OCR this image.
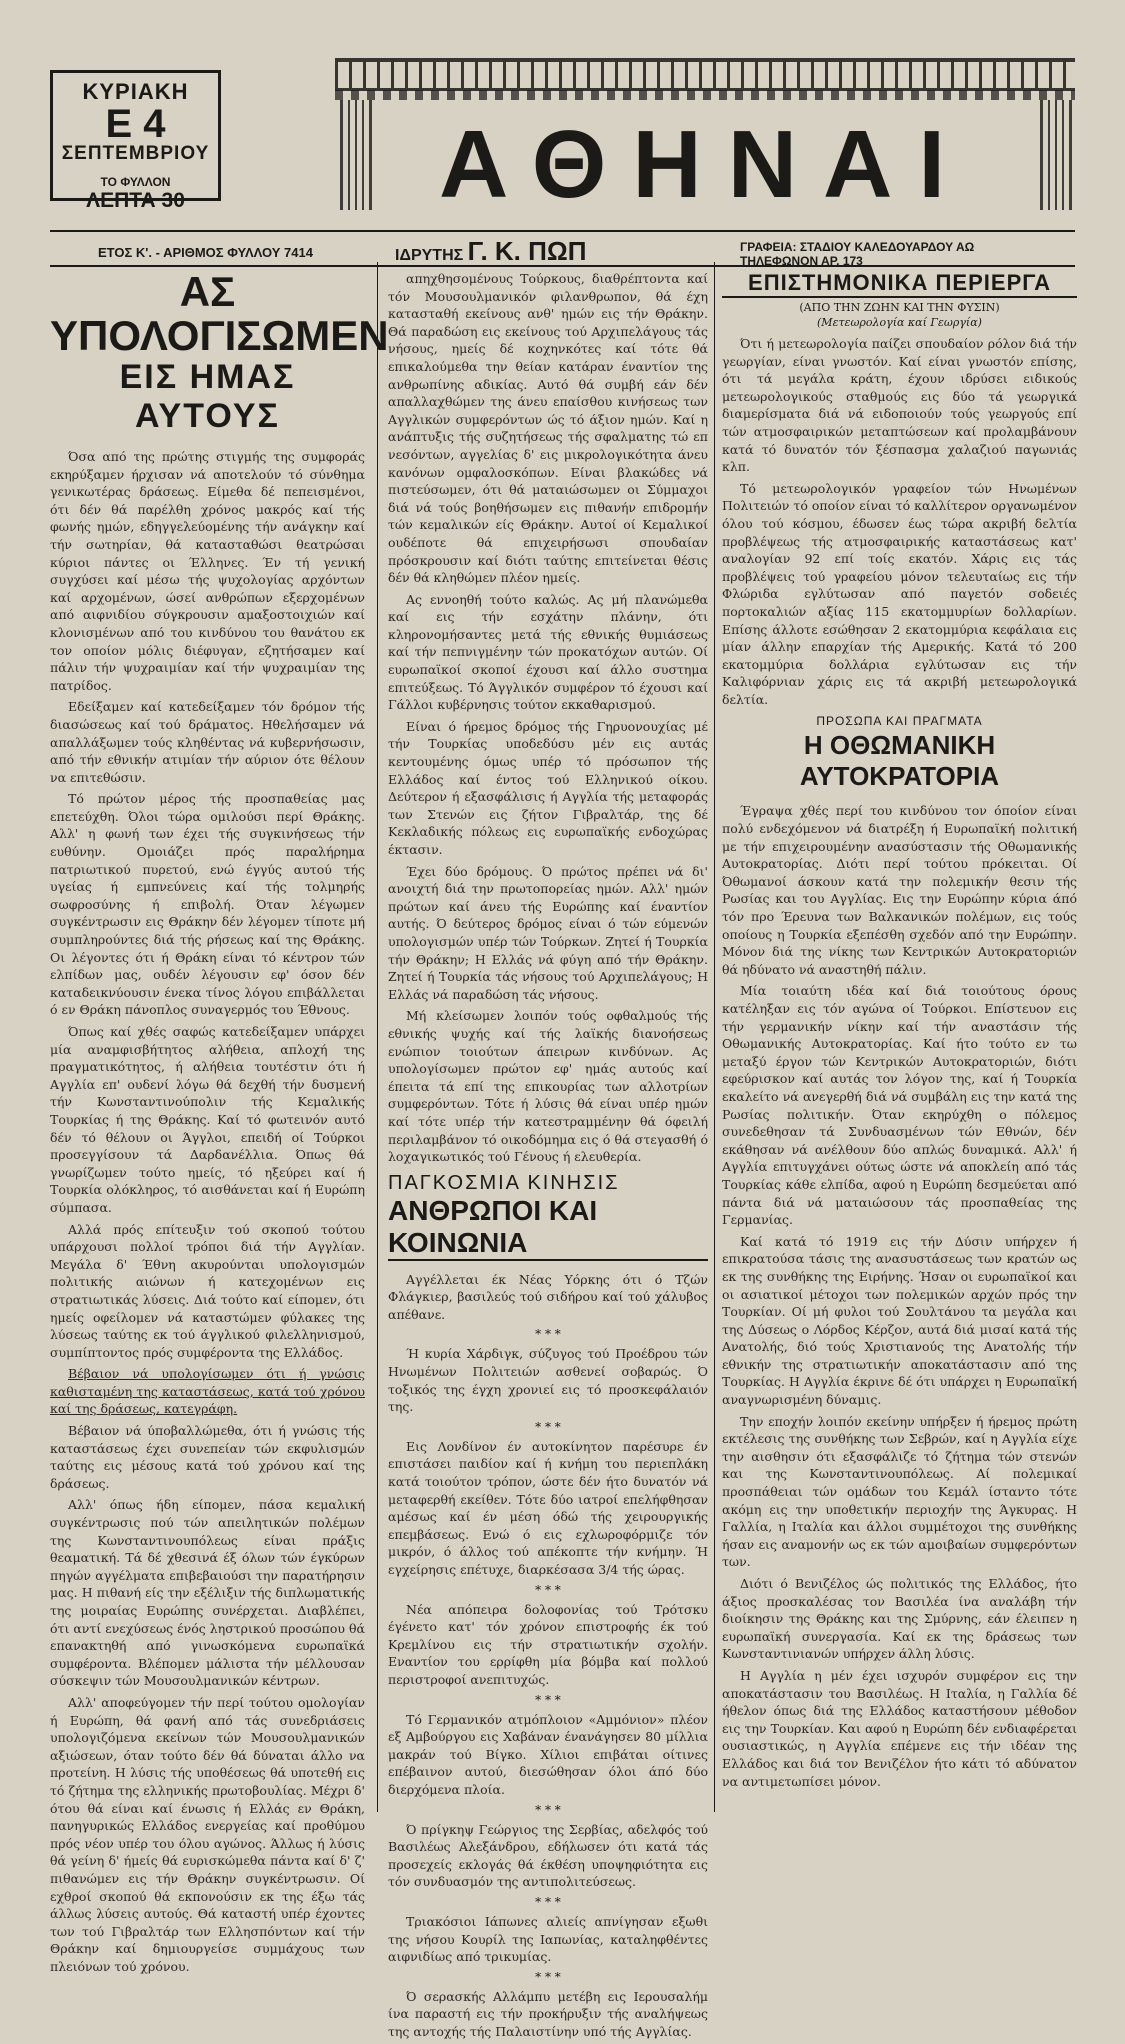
ΚΥΡΙΑΚΗ
Ε 4
ΣΕΠΤΕΜΒΡΙΟΥ
ΤΟ ΦΥΛΛΟΝ
ΛΕΠΤΑ 30	ΑΘΗΝΑΙ
ΕΤΟΣ Κ'. - ΑΡΙΘΜΟΣ ΦΥΛΛΟΥ 7414	ΙΔΡΥΤΗΣ Γ. Κ. ΠΩΠ	ΓΡΑΦΕΙΑ: ΣΤΑΔΙΟΥ ΚΑΛΕΔΟΥΑΡΔΟΥ ΑΩ
ΤΗΛΕΦΩΝΟΝ ΑΡ. 173
ΑΣ ΥΠΟΛΟΓΙΣΩΜΕΝ
ΕΙΣ ΗΜΑΣ ΑΥΤΟΥΣ

Όσα από της πρώτης στιγμής της συμφοράς εκηρύξαμεν ήρχισαν νά αποτελούν τό σύνθημα γενικωτέρας δράσεως. Είμεθα δέ πεπεισμένοι, ότι δέν θά παρέλθη χρόνος μακρός καί τής φωνής ημών, εδηγγελεύομένης τήν ανάγκην καί τήν σωτηρίαν, θά κατασταθώσι θεατρώσαι κύριοι πάντες οι Έλληνες. Έν τή γενική συγχύσει καί μέσω τής ψυχολογίας αρχόντων καί αρχομένων, ώσεί ανθρώπων εξερχομένων από αιφνιδίου σύγκρουσιν αμαξοστοιχιών καί κλονισμένων από του κινδύνου του θανάτου εκ τον οποίον μόλις διέφυγαν, εζητήσαμεν καί πάλιν τήν ψυχραιμίαν καί τήν ψυχραιμίαν της πατρίδος.

Εδείξαμεν καί κατεδείξαμεν τόν δρόμον τής διασώσεως καί τού δράματος. Ηθελήσαμεν νά απαλλάξωμεν τούς κληθέντας νά κυβερνήσωσιν, από τήν εθνικήν ατιμίαν τήν αύριον ότε θέλουν να επιτεθώσιν.

Τό πρώτον μέρος τής προσπαθείας μας επετεύχθη. Όλοι τώρα ομιλούσι περί Θράκης. Αλλ' η φωνή των έχει τής συγκινήσεως τήν ευθύνην. Ομοιάζει πρός παραλήρημα πατριωτικού πυρετού, ενώ έγγύς αυτού τής υγείας ή εμπνεύνεις καί τής τολμηρής σωφροσύνης ή επιβολή. Όταν λέγωμεν συγκέντρωσιν εις Θράκην δέν λέγομεν τίποτε μή συμπληρούντες διά τής ρήσεως καί της Θράκης. Οι λέγοντες ότι ή Θράκη είναι τό κέντρον τών ελπίδων μας, ουδέν λέγουσιν εφ' όσον δέν καταδεικνύουσιν ένεκα τίνος λόγου επιβάλλεται ό εν Θράκη πάνοπλος συναγερμός του Έθνους.

Όπως καί χθές σαφώς κατεδείξαμεν υπάρχει μία αναμφισβήτητος αλήθεια, απλοχή της πραγματικότητος, ή αλήθεια τουτέστιν ότι ή Αγγλία επ' ουδενί λόγω θά δεχθή τήν δυσμενή τήν Κωνσταντινούπολιν τής Κεμαλικής Τουρκίας ή της Θράκης. Καί τό φωτεινόν αυτό δέν τό θέλουν οι Άγγλοι, επειδή οί Τούρκοι προσεγγίσουν τά Δαρδανέλλια. Όπως θά γνωρίζωμεν τούτο ημείς, τό ηξεύρει καί ή Τουρκία ολόκληρος, τό αισθάνεται καί ή Ευρώπη σύμπασα.

Αλλά πρός επίτευξιν τού σκοπού τούτου υπάρχουσι πολλοί τρόποι διά τήν Αγγλίαν. Μεγάλα δ' Έθνη ακυρούνται υπολογισμών πολιτικής αιώνων ή κατεχομένων εις στρατιωτικάς λύσεις. Διά τούτο καί είπομεν, ότι ημείς οφείλομεν νά καταστώμεν φύλακες της λύσεως ταύτης εκ τού άγγλικού φιλελληνισμού, συμπίπτοντος πρός συμφέροντα της Ελλάδος.

Βέβαιον νά υπολογίσωμεν ότι ή γνώσις καθισταμένη της καταστάσεως, κατά τού χρόνου καί της δράσεως, κατεγράφη.

Βέβαιον νά ύποβαλλώμεθα, ότι ή γνώσις τής καταστάσεως έχει συνεπείαν τών εκφυλισμών ταύτης εις μέσους κατά τού χρόνου καί της δράσεως.

Αλλ' όπως ήδη είπομεν, πάσα κεμαλική συγκέντρωσις πού τών απειλητικών πολέμων της Κωνσταντινουπόλεως είναι πράξις θεαματική. Τά δέ χθεσινά έξ όλων τών έγκύρων πηγών αγγέλματα επιβεβαιούσι την παρατήρησιν μας. Η πιθανή είς την εξέλιξιν τής διπλωματικής της μοιραίας Ευρώπης συνέρχεται. Διαβλέπει, ότι αντί ενεχύσεως ένός ληστρικού προσώπου θά επανακτηθή από γινωσκόμενα ευρωπαϊκά συμφέροντα. Βλέπομεν μάλιστα τήν μέλλουσαν σύσκεψιν τών Μουσουλμανικών κέντρων.

Αλλ' αποφεύγομεν τήν περί τούτου ομολογίαν ή Ευρώπη, θά φανή από τάς συνεδριάσεις υπολογιζόμενα εκείνων τών Μουσουλμανικών αξιώσεων, όταν τούτο δέν θά δύναται άλλο να προτείνη. Η λύσις τής υποθέσεως θά υποτεθή εις τό ζήτημα της ελληνικής πρωτοβουλίας. Μέχρι δ' ότου θά είναι καί ένωσις ή Ελλάς εν Θράκη, πανηγυρικώς Ελλάδος ενεργείας καί προθύμου πρός νέον υπέρ του όλου αγώνος. Άλλως ή λύσις θά γείνη δ' ήμείς θά ευρισκώμεθα πάντα καί δ' ζ' πιθανώμεν εις τήν Θράκην συγκέντρωσιν. Οί εχθροί σκοπού θά εκπονούσιν εκ της έξω τάς άλλως λύσεις αυτούς. Θά καταστή υπέρ έχοντες των τού Γιβραλτάρ των Ελλησπόντων καί τήν Θράκην καί δημιουργείσε συμμάχους των πλειόνων τού χρόνου.

απηχθησομένους Τούρκους, διαθρέπτοντα καί τόν Μουσουλμανικόν φιλανθρωπον, θά έχη κατασταθή εκείνους ανθ' ημών εις τήν Θράκην. Θά παραδώση εις εκείνους τού Αρχιπελάγους τάς νήσους, ημείς δέ κοχηνκότες καί τότε θά επικαλούμεθα την θείαν κατάραν έναντίον της ανθρωπίνης αδικίας. Αυτό θά συμβή εάν δέν απαλλαχθώμεν της άνευ επαίσθου κινήσεως των Αγγλικών συμφερόντων ώς τό άξιον ημών. Καί η ανάπτυξις τής συζητήσεως τής σφαλματης τώ επ νεσόντων, αγγελίας δ' εις μικρολογικότητα άνευ κανόνων ομφαλοσκόπων. Είναι βλακώδες νά πιστεύσωμεν, ότι θά ματαιώσωμεν οι Σύμμαχοι διά νά τούς βοηθήσωμεν εις πιθανήν επιδρομήν τών κεμαλικών είς Θράκην. Αυτοί οί Κεμαλικοί ουδέποτε θά επιχειρήσωσι σπουδαίαν πρόσκρουσιν καί διότι ταύτης επιτείνεται θέσις δέν θά κληθώμεν πλέον ημείς.

Ας εννοηθή τούτο καλώς. Ας μή πλανώμεθα καί εις τήν εσχάτην πλάνην, ότι κληρονομήσαντες μετά τής εθνικής θυμιάσεως καί τήν πεπνιγμένην τών προκατόχων αυτών. Οί ευρωπαϊκοί σκοποί έχουσι καί άλλο συστημα επιτεύξεως. Τό Άγγλικόν συμφέρον τό έχουσι καί Γάλλοι κυβέρνησις τούτον εκκαθαρισμού.

Είναι ό ήρεμος δρόμος τής Γηρυονουχίας μέ τήν Τουρκίας υποδεδύσυ μέν εις αυτάς κεντουμένης όμως υπέρ τό πρόσωπον τής Ελλάδος καί έντος τού Ελληνικού οίκου. Δεύτερον ή εξασφάλισις ή Αγγλία τής μεταφοράς των Στενών εις ζήτον Γιβραλτάρ, της δέ Κεκλαδικής πόλεως εις ευρωπαϊκής ενδοχώρας έκτασιν.

Έχει δύο δρόμους. Ό πρώτος πρέπει νά δι' ανοιχτή διά την πρωτοπορείας ημών. Αλλ' ημών πρώτων καί άνευ τής Ευρώπης καί έναντίον αυτής. Ό δεύτερος δρόμος είναι ό τών εύμενών υπολογισμών υπέρ τών Τούρκων. Ζητεί ή Τουρκία τήν Θράκην; Η Ελλάς νά φύγη από τήν Θράκην. Ζητεί ή Τουρκία τάς νήσους τού Αρχιπελάγους; Η Ελλάς νά παραδώση τάς νήσους.

Μή κλείσωμεν λοιπόν τούς οφθαλμούς τής εθνικής ψυχής καί τής λαϊκής διανοήσεως ενώπιον τοιούτων άπειρων κινδύνων. Ας υπολογίσωμεν πρώτον εφ' ημάς αυτούς καί έπειτα τά επί της επικουρίας των αλλοτρίων συμφερόντων. Τότε ή λύσις θά είναι υπέρ ημών καί τότε υπέρ τήν κατεστραμμένην θά όφειλή περιλαμβάνον τό οικοδόμημα εις ό θά στεγασθή ό λοχαγικωτικός τού Γένους ή ελευθερία.

ΠΑΓΚΟΣΜΙΑ ΚΙΝΗΣΙΣ
ΑΝΘΡΩΠΟΙ ΚΑΙ ΚΟΙΝΩΝΙΑ

Αγγέλλεται έκ Νέας Υόρκης ότι ό Τζών Φλάγκιερ, βασιλεύς τού σιδήρου καί τού χάλυβος απέθανε.

* * *

Ή κυρία Χάρδιγκ, σύζυγος τού Προέδρου τών Ηνωμένων Πολιτειών ασθενεί σοβαρώς. Ό τοξικός της έγχη χρονιεί εις τό προσκεφάλαιόν της.

* * *

Εις Λονδίνον έν αυτοκίνητον παρέσυρε έν επιστάσει παιδίον καί ή κνήμη του περιεπλάκη κατά τοιούτον τρόπον, ώστε δέν ήτο δυνατόν νά μεταφερθή εκείθεν. Τότε δύο ιατροί επελήφθησαν αμέσως καί έν μέση όδώ τής χειρουργικής επεμβάσεως. Ενώ ό εις εχλωροφόρμιζε τόν μικρόν, ό άλλος τού απέκοπτε τήν κνήμην. Ή εγχείρησις επέτυχε, διαρκέσασα 3/4 τής ώρας.

* * *

Νέα απόπειρα δολοφονίας τού Τρότσκυ έγένετο κατ' τόν χρόνον επιστροφής έκ τού Κρεμλίνου εις τήν στρατιωτικήν σχολήν. Εναντίον του ερρίφθη μία βόμβα καί πολλού περιστροφοί ανεπιτυχώς.

* * *

Τό Γερμανικόν ατμόπλοιον «Αμμόνιον» πλέον εξ Αμβούργου εις Χαβάναν ένανάγησεν 80 μίλλια μακράν τού Βίγκο. Χίλιοι επιβάται οίτινες επέβαινον αυτού, διεσώθησαν όλοι άπό δύο διερχόμενα πλοία.

* * *

Ό πρίγκηψ Γεώργιος της Σερβίας, αδελφός τού Βασιλέως Αλεξάνδρου, εδήλωσεν ότι κατά τάς προσεχείς εκλογάς θά έκθέση υποψηφιότητα εις τόν συνδυασμόν της αντιπολιτεύσεως.

* * *

Τριακόσιοι Ιάπωνες αλιείς απνίγησαν εξωθι της νήσου Κουρίλ της Ιαπωνίας, καταληφθέντες αιφνιδίως από τρικυμίας.

* * *

Ό σερασκής Αλλάμπυ μετέβη εις Ιερουσαλήμ ίνα παραστή εις τήν προκήρυξιν τής αναλήψεως της αντοχής τής Παλαιστίνην υπό τής Αγγλίας.

ΕΠΙΣΤΗΜΟΝΙΚΑ ΠΕΡΙΕΡΓΑ
(ΑΠΟ ΤΗΝ ΖΩΗΝ ΚΑΙ ΤΗΝ ΦΥΣΙΝ)
(Μετεωρολογία καί Γεωργία)

Ότι ή μετεωρολογία παίζει σπουδαίον ρόλον διά τήν γεωργίαν, είναι γνωστόν. Καί είναι γνωστόν επίσης, ότι τά μεγάλα κράτη, έχουν ιδρύσει ειδικούς μετεωρολογικούς σταθμούς εις δύο τά γεωργικά διαμερίσματα διά νά ειδοποιούν τούς γεωργούς επί τών ατμοσφαιρικών μεταπτώσεων καί προλαμβάνουν κατά τό δυνατόν τόν ξέσπασμα χαλαζιού παγωνιάς κλπ.

Τό μετεωρολογικόν γραφείον τών Ηνωμένων Πολιτειών τό οποίον είναι τό καλλίτερον οργανωμένον όλου τού κόσμου, έδωσεν έως τώρα ακριβή δελτία προβλέψεως τής ατμοσφαιρικής καταστάσεως κατ' αναλογίαν 92 επί τοίς εκατόν. Χάρις εις τάς προβλέψεις τού γραφείου μόνον τελευταίως εις τήν Φλώριδα εγλύτωσαν από παγετόν σοδειές πορτοκαλιών αξίας 115 εκατομμυρίων δολλαρίων. Επίσης άλλοτε εσώθησαν 2 εκατομμύρια κεφάλαια εις μίαν άλλην επαρχίαν τής Αμερικής. Κατά τό 200 εκατομμύρια δολλάρια εγλύτωσαν εις τήν Καλιφόρνιαν χάρις εις τά ακριβή μετεωρολογικά δελτία.

ΠΡΟΣΩΠΑ ΚΑΙ ΠΡΑΓΜΑΤΑ
Η ΟΘΩΜΑΝΙΚΗ ΑΥΤΟΚΡΑΤΟΡΙΑ

Έγραψα χθές περί του κινδύνου τον όποίον είναι πολύ ενδεχόμενον νά διατρέξη ή Ευρωπαϊκή πολιτική με τήν επιχειρουμένην ανασύστασιν τής Οθωμανικής Αυτοκρατορίας. Διότι περί τούτου πρόκειται. Οί Όθωμανοί άσκουν κατά την πολεμικήν θεσιν τής Ρωσίας και του Αγγλίας. Εις την Ευρώπην κύρια άπό τόν προ Έρευνα των Βαλκανικών πολέμων, εις τούς οποίους η Τουρκία εξεπέσθη σχεδόν από την Ευρώπην. Μόνον διά της νίκης των Κεντρικών Αυτοκρατοριών θά ηδύνατο νά αναστηθή πάλιν.

Μία τοιαύτη ιδέα καί διά τοιούτους όρους κατέληξαν εις τόν αγώνα οί Τούρκοι. Επίστευον εις τήν γερμανικήν νίκην καί τήν αναστάσιν τής Οθωμανικής Αυτοκρατορίας. Καί ήτο τούτο εν τω μεταξύ έργον τών Κεντρικών Αυτοκρατοριών, διότι εφεύρισκον καί αυτάς τον λόγον της, καί ή Τουρκία εκαλείτο νά ανεγερθή διά νά συμβάλη εις την κατά της Ρωσίας πολιτικήν. Όταν εκηρύχθη ο πόλεμος συνεδεθησαν τά Συνδυασμένων τών Εθνών, δέν εκάθησαν νά ανέλθουν δύο απλώς δυναμικά. Αλλ' ή Αγγλία επιτυγχάνει ούτως ώστε νά αποκλείη από τάς Τουρκίας κάθε ελπίδα, αφού η Ευρώπη δεσμεύεται από πάντα διά νά ματαιώσουν τάς προσπαθείας της Γερμανίας.

Καί κατά τό 1919 εις τήν Δύσιν υπήρχεν ή επικρατούσα τάσις της ανασυστάσεως των κρατών ως εκ της συνθήκης της Ειρήνης. Ήσαν οι ευρωπαϊκοί και οι ασιατικοί μέτοχοι των πολεμικών αρχών πρός την Τουρκίαν. Οί μή φυλοι τού Σουλτάνου τα μεγάλα και της Δύσεως ο Λόρδος Κέρζον, αυτά διά μισαί κατά τής Ανατολής, διό τούς Χριστιανούς της Ανατολής τήν εθνικήν της στρατιωτικήν αποκατάστασιν από της Τουρκίας. Η Αγγλία έκρινε δέ ότι υπάρχει η Ευρωπαϊκή αναγνωρισμένη δύναμις.

Την εποχήν λοιπόν εκείνην υπήρξεν ή ήρεμος πρώτη εκτέλεσις της συνθήκης των Σεβρών, καί η Αγγλία είχε την αισθησιν ότι εξασφάλιζε τό ζήτημα τών στενών και της Κωνσταντινουπόλεως. Αί πολεμικαί προσπάθειαι τών ομάδων του Κεμάλ ίσταντο τότε ακόμη εις την υποθετικήν περιοχήν της Άγκυρας. Η Γαλλία, η Ιταλία και άλλοι συμμέτοχοι της συνθήκης ήσαν εις αναμονήν ως εκ τών αμοιβαίων συμφερόντων των.

Διότι ό Βενιζέλος ώς πολιτικός της Ελλάδος, ήτο άξιος προσκαλέσας τον Βασιλέα ίνα αναλάβη τήν διοίκησιν της Θράκης και της Σμύρνης, εάν έλειπεν η ευρωπαϊκή συνεργασία. Καί εκ της δράσεως των Κωνσταντινιανών υπήρχεν άλλη λύσις.

Η Αγγλία η μέν έχει ισχυρόν συμφέρον εις την αποκατάστασιν του Βασιλέως. Η Ιταλία, η Γαλλία δέ ήθελον όπως διά της Ελλάδος καταστήσουν μέθοδον εις την Τουρκίαν. Και αφού η Ευρώπη δέν ενδιαφέρεται ουσιαστικώς, η Αγγλία επέμενε εις τήν ιδέαν της Ελλάδος και διά τον Βενιζέλον ήτο κάτι τό αδύνατον να αντιμετωπίσει μόνον.
